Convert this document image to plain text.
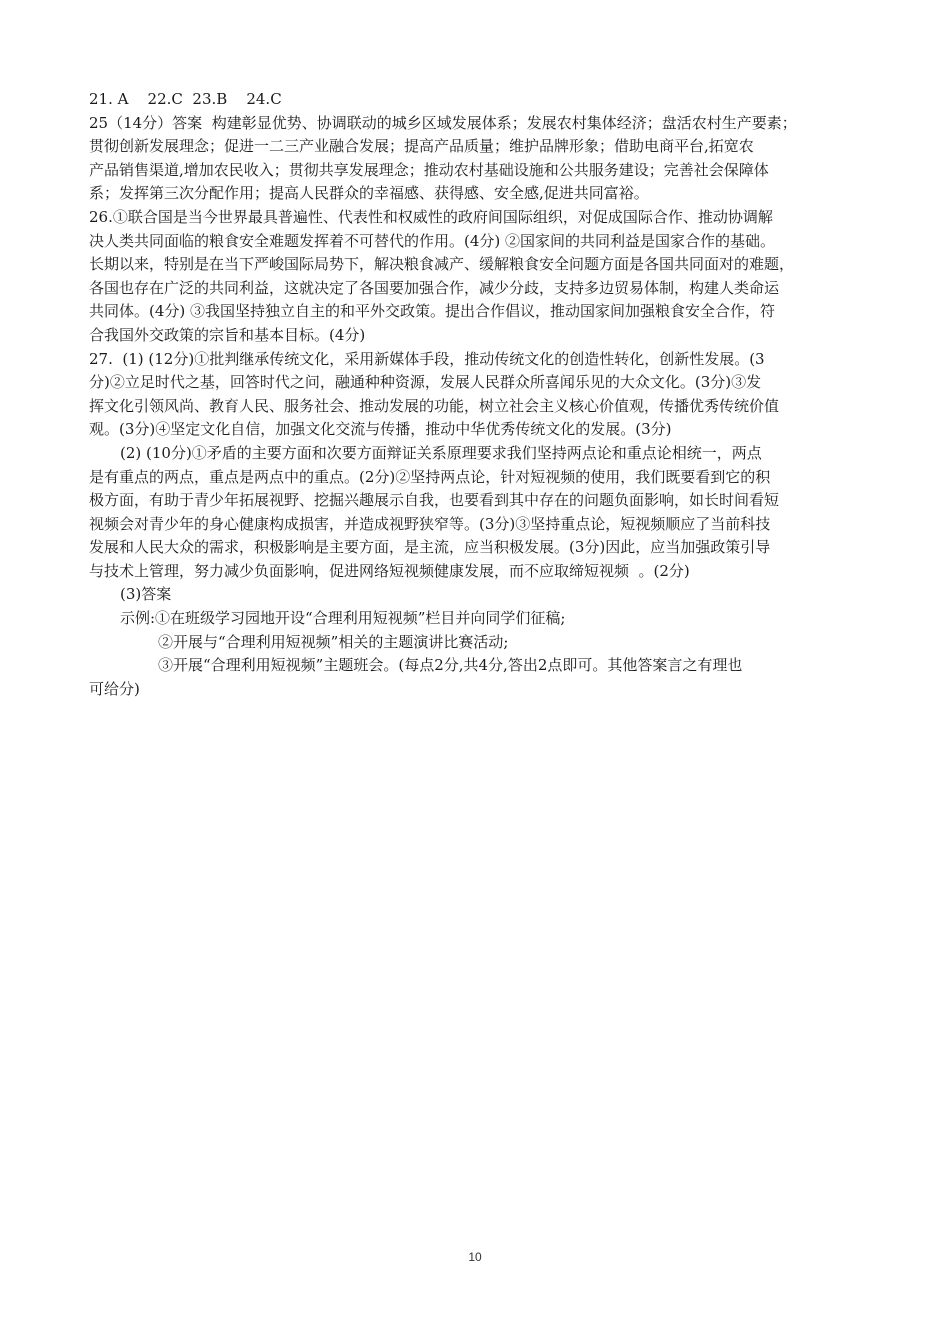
21. A    22.C  23.B    24.C

25（14分）答案  构建彰显优势、协调联动的城乡区域发展体系；发展农村集体经济；盘活农村生产要素；

贯彻创新发展理念；促进一二三产业融合发展；提高产品质量；维护品牌形象；借助电商平台,拓宽农

产品销售渠道,增加农民收入；贯彻共享发展理念；推动农村基础设施和公共服务建设；完善社会保障体

系；发挥第三次分配作用；提高人民群众的幸福感、获得感、安全感,促进共同富裕。

26.①联合国是当今世界最具普遍性、代表性和权威性的政府间国际组织，对促成国际合作、推动协调解

决人类共同面临的粮食安全难题发挥着不可替代的作用。(4分) ②国家间的共同利益是国家合作的基础。

长期以来，特别是在当下严峻国际局势下，解决粮食减产、缓解粮食安全问题方面是各国共同面对的难题，

各国也存在广泛的共同利益，这就决定了各国要加强合作，减少分歧，支持多边贸易体制，构建人类命运

共同体。(4分) ③我国坚持独立自主的和平外交政策。提出合作倡议，推动国家间加强粮食安全合作，符

合我国外交政策的宗旨和基本目标。(4分)

27.  (1) (12分)①批判继承传统文化，采用新媒体手段，推动传统文化的创造性转化，创新性发展。(3

分)②立足时代之基，回答时代之问，融通种种资源，发展人民群众所喜闻乐见的大众文化。(3分)③发

挥文化引领风尚、教育人民、服务社会、推动发展的功能，树立社会主义核心价值观，传播优秀传统价值

观。(3分)④坚定文化自信，加强文化交流与传播，推动中华优秀传统文化的发展。(3分)

(2) (10分)①矛盾的主要方面和次要方面辩证关系原理要求我们坚持两点论和重点论相统一，两点

是有重点的两点，重点是两点中的重点。(2分)②坚持两点论，针对短视频的使用，我们既要看到它的积

极方面，有助于青少年拓展视野、挖掘兴趣展示自我，也要看到其中存在的问题负面影响，如长时间看短

视频会对青少年的身心健康构成损害，并造成视野狭窄等。(3分)③坚持重点论，短视频顺应了当前科技

发展和人民大众的需求，积极影响是主要方面，是主流，应当积极发展。(3分)因此，应当加强政策引导

与技术上管理，努力减少负面影响，促进网络短视频健康发展，而不应取缔短视频  。(2分)

(3)答案

示例:①在班级学习园地开设“合理利用短视频”栏目并向同学们征稿;

②开展与“合理利用短视频”相关的主题演讲比赛活动;

③开展“合理利用短视频”主题班会。(每点2分,共4分,答出2点即可。其他答案言之有理也

可给分)

10
